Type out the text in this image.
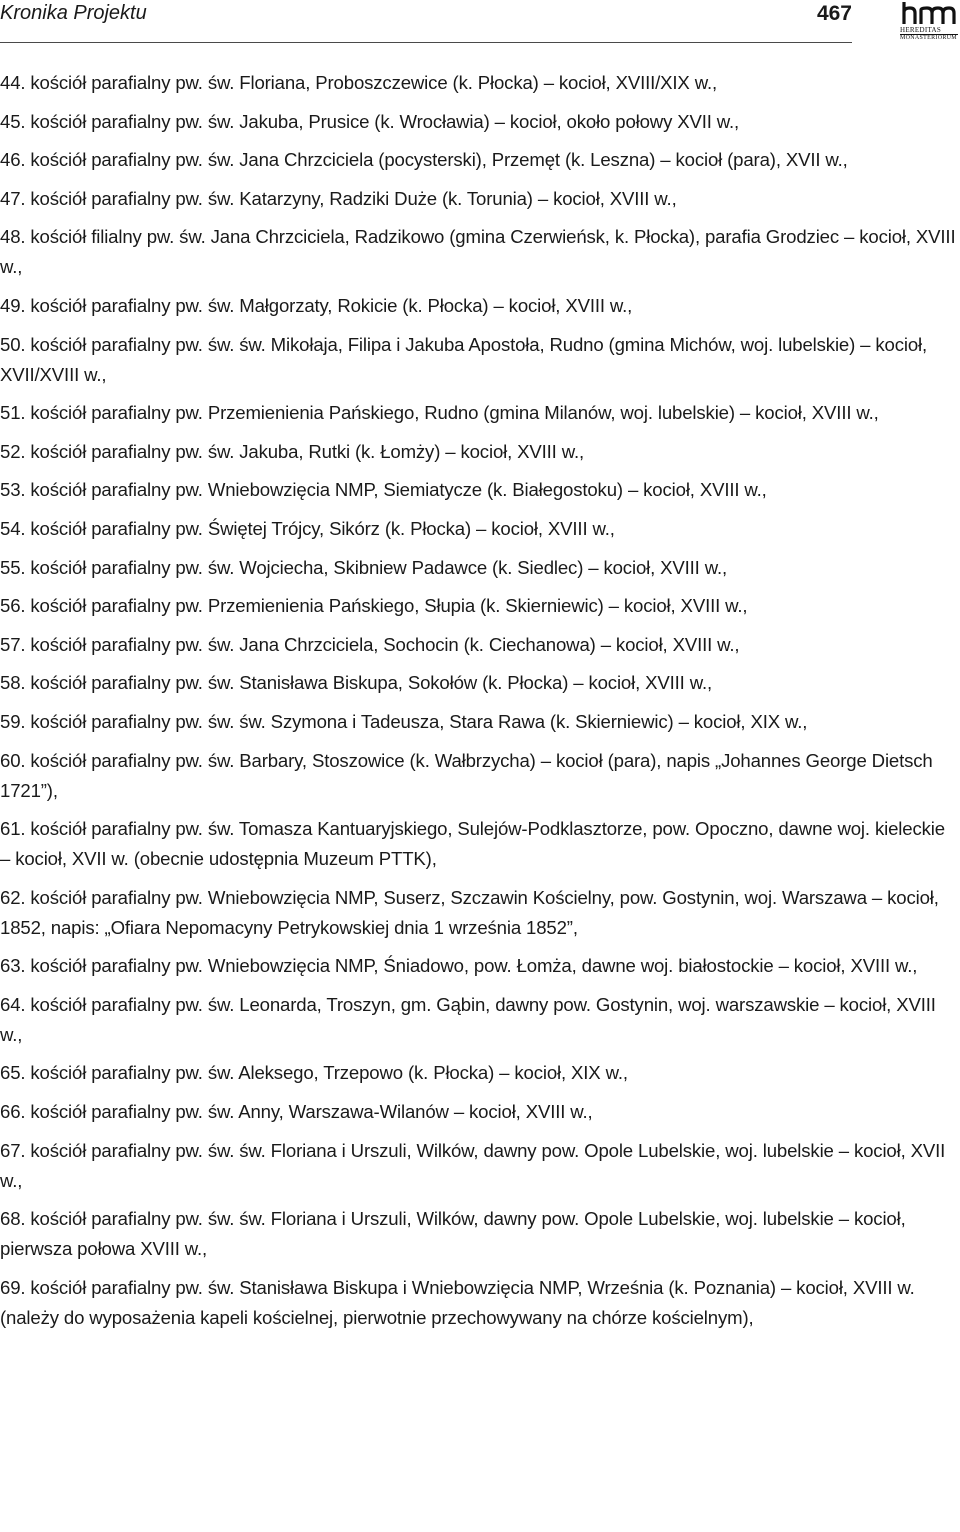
Kronika Projektu	467
HEREDITAS
MONASTERIORUM
44. kościół parafialny pw. św. Floriana, Proboszczewice (k. Płocka) – kocioł, XVIII/XIX w.,
45. kościół parafialny pw. św. Jakuba, Prusice (k. Wrocławia) – kocioł, około połowy XVII w.,
46. kościół parafialny pw. św. Jana Chrzciciela (pocysterski), Przemęt (k. Leszna) – kocioł (para), XVII w.,
47. kościół parafialny pw. św. Katarzyny, Radziki Duże (k. Torunia) – kocioł, XVIII w.,
48. kościół filialny pw. św. Jana Chrzciciela, Radzikowo (gmina Czerwieńsk, k. Płocka), parafia Grodziec – kocioł, XVIII w.,
49. kościół parafialny pw. św. Małgorzaty, Rokicie (k. Płocka) – kocioł, XVIII w.,
50. kościół parafialny pw. św. św. Mikołaja, Filipa i Jakuba Apostoła, Rudno (gmina Michów, woj. lubelskie) – kocioł, XVII/XVIII w.,
51. kościół parafialny pw. Przemienienia Pańskiego, Rudno (gmina Milanów, woj. lubelskie) – kocioł, XVIII w.,
52. kościół parafialny pw. św. Jakuba, Rutki (k. Łomży) – kocioł, XVIII w.,
53. kościół parafialny pw. Wniebowzięcia NMP, Siemiatycze (k. Białegostoku) – kocioł, XVIII w.,
54. kościół parafialny pw. Świętej Trójcy, Sikórz (k. Płocka) – kocioł, XVIII w.,
55. kościół parafialny pw. św. Wojciecha, Skibniew Padawce (k. Siedlec) – kocioł, XVIII w.,
56. kościół parafialny pw. Przemienienia Pańskiego, Słupia (k. Skierniewic) – kocioł, XVIII w.,
57. kościół parafialny pw. św. Jana Chrzciciela, Sochocin (k. Ciechanowa) – kocioł, XVIII w.,
58. kościół parafialny pw. św. Stanisława Biskupa, Sokołów (k. Płocka) – kocioł, XVIII w.,
59. kościół parafialny pw. św. św. Szymona i Tadeusza, Stara Rawa (k. Skierniewic) – kocioł, XIX w.,
60. kościół parafialny pw. św. Barbary, Stoszowice (k. Wałbrzycha) – kocioł (para), napis „Johannes George Dietsch 1721”),
61. kościół parafialny pw. św. Tomasza Kantuaryjskiego, Sulejów-Podklasztorze, pow. Opoczno, dawne woj. kieleckie – kocioł, XVII w. (obecnie udostępnia Muzeum PTTK),
62. kościół parafialny pw. Wniebowzięcia NMP, Suserz, Szczawin Kościelny, pow. Gostynin, woj. Warszawa – kocioł, 1852, napis: „Ofiara Nepomacyny Petrykowskiej dnia 1 września 1852”,
63. kościół parafialny pw. Wniebowzięcia NMP, Śniadowo, pow. Łomża, dawne woj. białostockie – kocioł, XVIII w.,
64. kościół parafialny pw. św. Leonarda, Troszyn, gm. Gąbin, dawny pow. Gostynin, woj. warszawskie – kocioł, XVIII w.,
65. kościół parafialny pw. św. Aleksego, Trzepowo (k. Płocka) – kocioł, XIX w.,
66. kościół parafialny pw. św. Anny, Warszawa-Wilanów – kocioł, XVIII w.,
67. kościół parafialny pw. św. św. Floriana i Urszuli, Wilków, dawny pow. Opole Lubelskie, woj. lubelskie – kocioł, XVII w.,
68. kościół parafialny pw. św. św. Floriana i Urszuli, Wilków, dawny pow. Opole Lubelskie, woj. lubelskie – kocioł, pierwsza połowa XVIII w.,
69. kościół parafialny pw. św. Stanisława Biskupa i Wniebowzięcia NMP, Września (k. Poznania) – kocioł, XVIII w. (należy do wyposażenia kapeli kościelnej, pierwotnie przechowywany na chórze kościelnym),
